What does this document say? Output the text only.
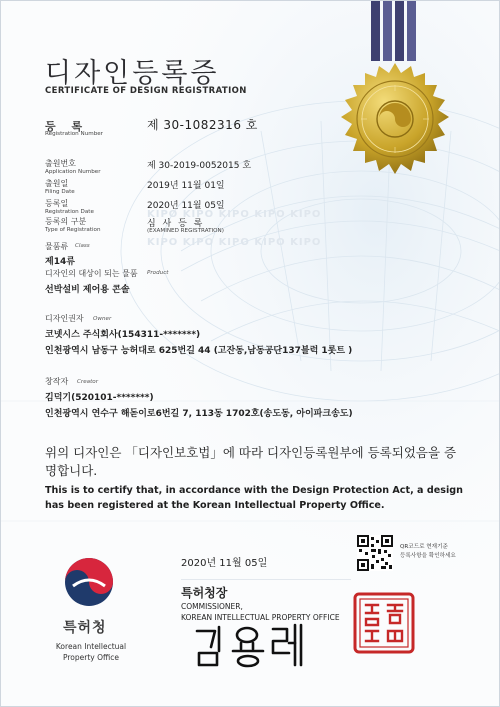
디자인등록증
CERTIFICATE OF DESIGN REGISTRATION
등 록
Registration Number
제 30-1082316 호
출원번호
Application Number
제 30-2019-0052015 호
출원일
Filing Date
2019년 11월 01일
등록일
Registration Date
2020년 11월 05일
등록의 구분
Type of Registration
심 사 등 록
(EXAMINED REGISTRATION)
KIPO KIPO KIPO KIPO KIPO
KIPO KIPO KIPO KIPO KIPO
물품류 Class
제14류
디자인의 대상이 되는 물품 Product
선박설비 제어용 콘솔
디자인권자 Owner
코넷시스 주식회사(154311-*******)
인천광역시 남동구 능허대로 625번길 44 (고잔동,남동공단137블럭 1롯트 )
창작자 Creator
김덕기(520101-*******)
인천광역시 연수구 해돋이로6번길 7, 113동 1702호(송도동, 아이파크송도)
위의 디자인은 「디자인보호법」에 따라 디자인등록원부에 등록되었음을 증명합니다.
This is to certify that, in accordance with the Design Protection Act, a design has been registered at the Korean Intellectual Property Office.
특허청
Korean Intellectual
Property Office
2020년 11월 05일
QR코드로 현재기준
등록사항을 확인하세요
특허청장
COMMISSIONER,
KOREAN INTELLECTUAL PROPERTY OFFICE
